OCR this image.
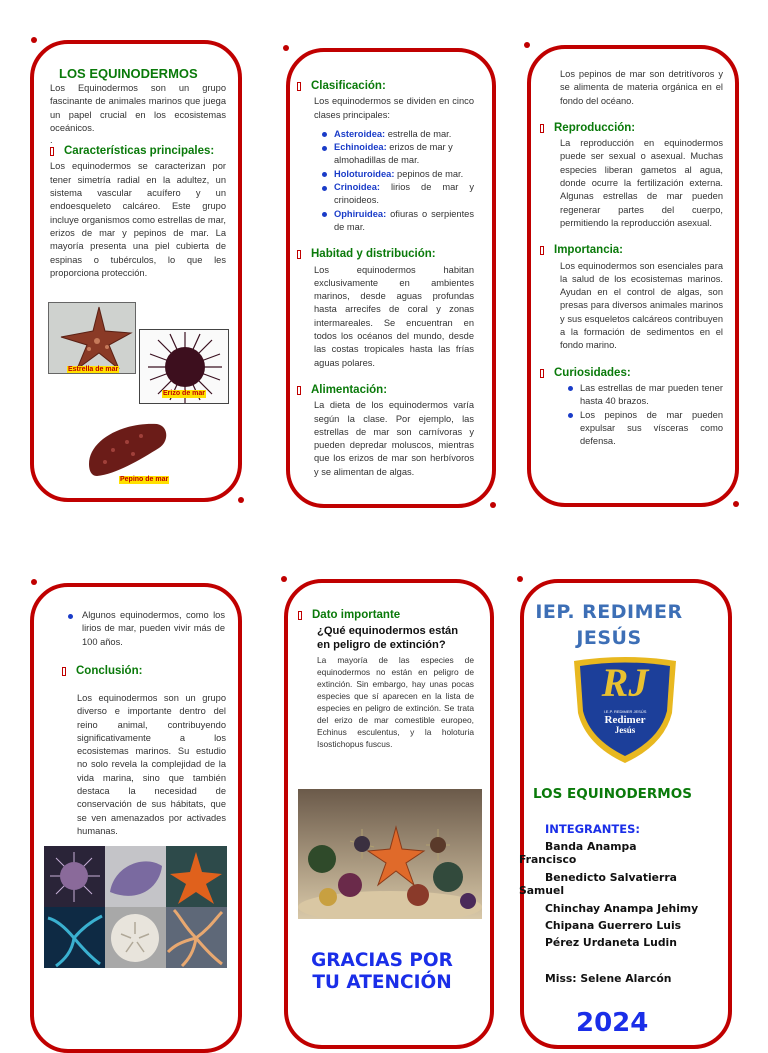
LOS EQUINODERMOS

Los Equinodermos son un grupo fascinante de animales marinos que juega un papel crucial en los ecosistemas oceánicos.

.

Características principales:

Los equinodermos se caracterizan por tener simetría radial en la adultez, un sistema vascular acuífero y un endoesqueleto calcáreo. Este grupo incluye organismos como estrellas de mar, erizos de mar y pepinos de mar. La mayoría presenta una piel cubierta de espinas o tubérculos, lo que les proporciona protección.

Estrella de mar
Erizo de mar
Pepino de mar
Clasificación:

Los equinodermos se dividen en cinco clases principales:

Asteroidea: estrella de mar.
Echinoidea: erizos de mar y almohadillas de mar.
Holoturoidea: pepinos de mar.
Crinoidea: lirios de mar y crinoideos.
Ophiruidea: ofiuras o serpientes de mar.
Habitad y distribución:

Los equinodermos habitan exclusivamente en ambientes marinos, desde aguas profundas hasta arrecifes de coral y zonas intermareales. Se encuentran en todos los océanos del mundo, desde las costas tropicales hasta las frías aguas polares.

Alimentación:

La dieta de los equinodermos varía según la clase. Por ejemplo, las estrellas de mar son carnívoras y pueden depredar moluscos, mientras que los erizos de mar son herbívoros y se alimentan de algas.

Los pepinos de mar son detritívoros y se alimenta de materia orgánica en el fondo del océano.

Reproducción:

La reproducción en equinodermos puede ser sexual o asexual. Muchas especies liberan gametos al agua, donde ocurre la fertilización externa. Algunas estrellas de mar pueden regenerar partes del cuerpo, permitiendo la reproducción asexual.

Importancia:

Los equinodermos son esenciales para la salud de los ecosistemas marinos. Ayudan en el control de algas, son presas para diversos animales marinos y sus esqueletos calcáreos contribuyen a la formación de sedimentos en el fondo marino.

Curiosidades:
Las estrellas de mar pueden tener hasta 40 brazos.
Los pepinos de mar pueden expulsar sus vísceras como defensa.
Algunos equinodermos, como los lirios de mar, pueden vivir más de 100 años.
Conclusión:

Los equinodermos son un grupo diverso e importante dentro del reino animal, contribuyendo significativamente a los ecosistemas marinos. Su estudio no solo revela la complejidad de la vida marina, sino que también destaca la necesidad de conservación de sus hábitats, que se ven amenazados por activades humanas.

Dato importante
¿Qué equinodermos están en peligro de extinción?

La mayoría de las especies de equinodermos no están en peligro de extinción. Sin embargo, hay unas pocas especies que sí aparecen en la lista de especies en peligro de extinción. Se trata del erizo de mar comestible europeo, Echinus esculentus, y la holoturia Isostichopus fuscus.

GRACIAS POR TU ATENCIÓN
IEP. REDIMER JESÚS
RJ
I.E.P. REDIMER JESÚS
Redimer
Jesús
LOS EQUINODERMOS
INTEGRANTES:
Banda Anampa
Francisco
Benedicto Salvatierra
Samuel
Chinchay Anampa Jehimy
Chipana Guerrero Luis
Pérez Urdaneta Ludin
Miss: Selene Alarcón
2024
